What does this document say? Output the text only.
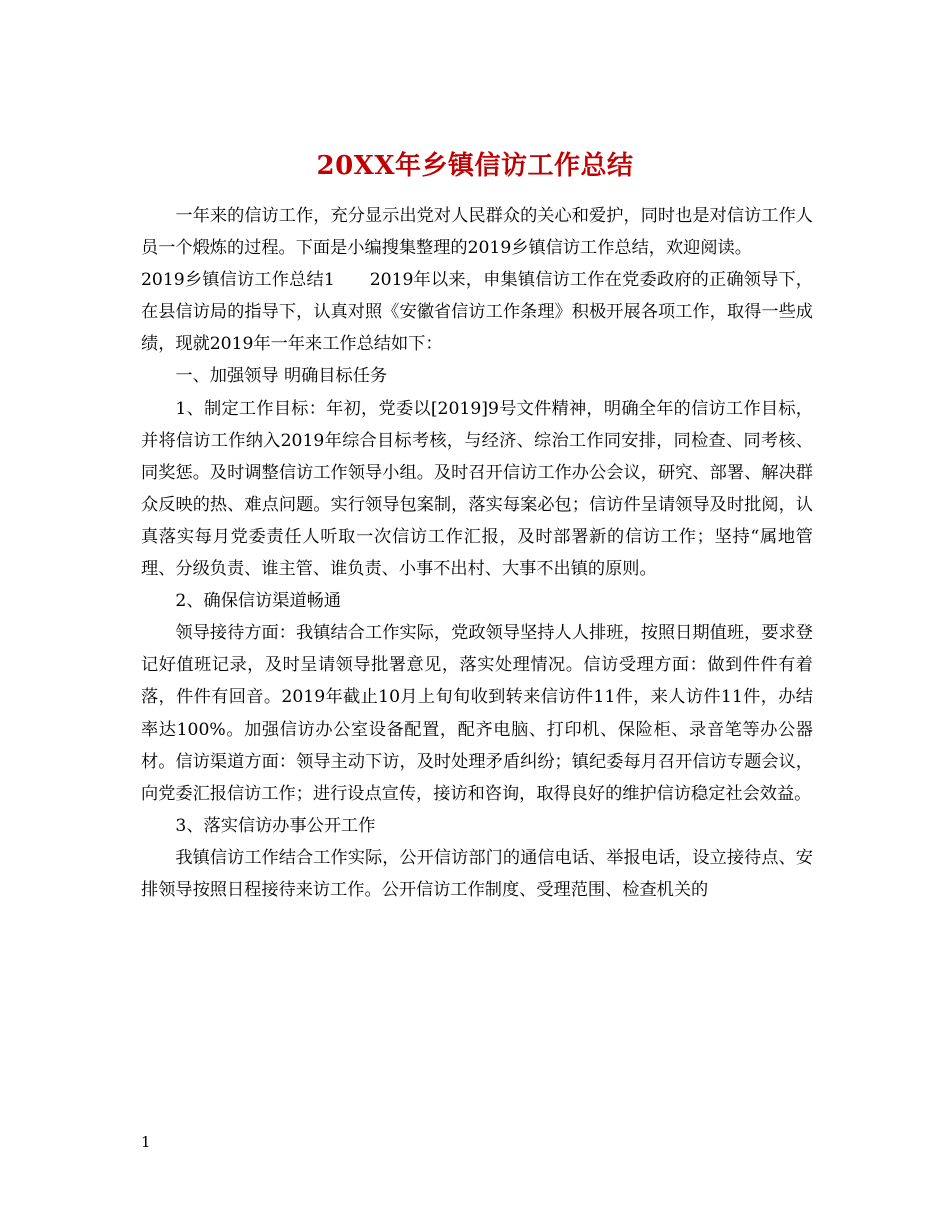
20XX年乡镇信访工作总结

一年来的信访工作，充分显示出党对人民群众的关心和爱护，同时也是对信访工作人员一个煅炼的过程。下面是小编搜集整理的2019乡镇信访工作总结，欢迎阅读。

2019乡镇信访工作总结1　　2019年以来，申集镇信访工作在党委政府的正确领导下，在县信访局的指导下，认真对照《安徽省信访工作条理》积极开展各项工作，取得一些成绩，现就2019年一年来工作总结如下：

一、加强领导 明确目标任务

1、制定工作目标：年初，党委以[2019]9号文件精神，明确全年的信访工作目标，并将信访工作纳入2019年综合目标考核，与经济、综治工作同安排，同检查、同考核、同奖惩。及时调整信访工作领导小组。及时召开信访工作办公会议，研究、部署、解决群众反映的热、难点问题。实行领导包案制，落实每案必包；信访件呈请领导及时批阅，认真落实每月党委责任人听取一次信访工作汇报，及时部署新的信访工作；坚持“属地管理、分级负责、谁主管、谁负责、小事不出村、大事不出镇的原则。

2、确保信访渠道畅通

领导接待方面：我镇结合工作实际，党政领导坚持人人排班，按照日期值班，要求登记好值班记录，及时呈请领导批署意见，落实处理情况。信访受理方面：做到件件有着落，件件有回音。2019年截止10月上旬旬收到转来信访件11件，来人访件11件，办结率达100%。加强信访办公室设备配置，配齐电脑、打印机、保险柜、录音笔等办公器材。信访渠道方面：领导主动下访，及时处理矛盾纠纷；镇纪委每月召开信访专题会议，向党委汇报信访工作；进行设点宣传，接访和咨询，取得良好的维护信访稳定社会效益。

3、落实信访办事公开工作

我镇信访工作结合工作实际，公开信访部门的通信电话、举报电话，设立接待点、安排领导按照日程接待来访工作。公开信访工作制度、受理范围、检查机关的

1
